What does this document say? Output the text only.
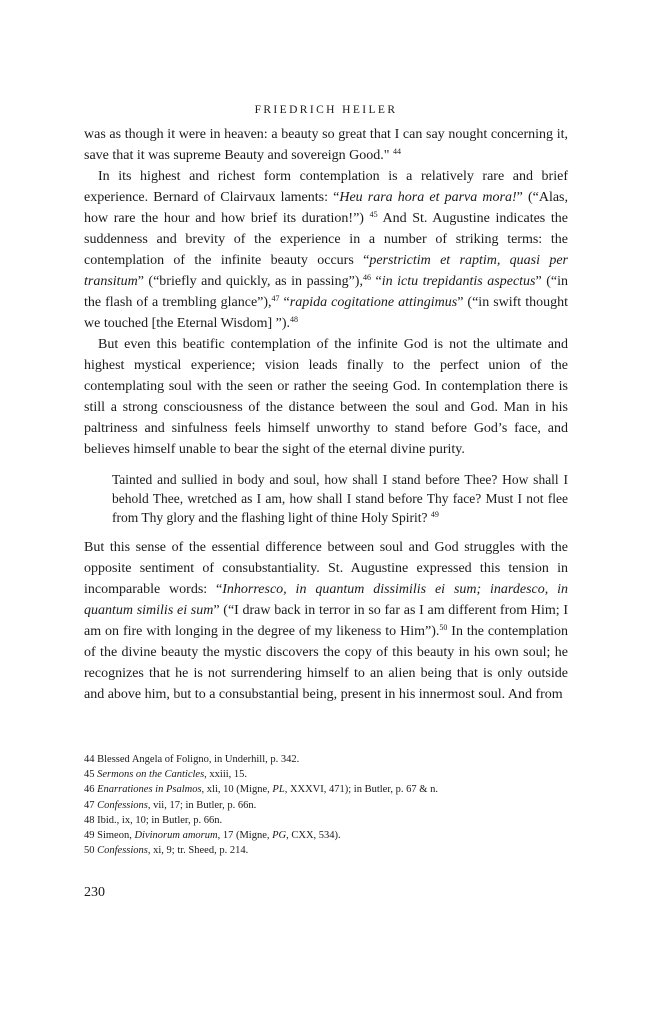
FRIEDRICH HEILER

was as though it were in heaven: a beauty so great that I can say nought concerning it, save that it was supreme Beauty and sovereign Good." $^{44}$

In its highest and richest form contemplation is a relatively rare and brief experience. Bernard of Clairvaux laments: “Heu rara hora et parva mora!” (“Alas, how rare the hour and how brief its duration!”) $^{45}$ And St. Augustine indicates the suddenness and brevity of the experience in a number of striking terms: the contemplation of the infinite beauty occurs “perstrictim et raptim, quasi per transitum” (“briefly and quickly, as in passing”),$^{46}$ “in ictu trepidantis aspectus” (“in the flash of a trembling glance”),$^{47}$ “rapida cogitatione attingimus” (“in swift thought we touched [the Eternal Wisdom] ”).$^{48}$

But even this beatific contemplation of the infinite God is not the ultimate and highest mystical experience; vision leads finally to the perfect union of the contemplating soul with the seen or rather the seeing God. In contemplation there is still a strong consciousness of the distance between the soul and God. Man in his paltriness and sinfulness feels himself unworthy to stand before God’s face, and believes himself unable to bear the sight of the eternal divine purity.

Tainted and sullied in body and soul, how shall I stand before Thee? How shall I behold Thee, wretched as I am, how shall I stand before Thy face? Must I not flee from Thy glory and the flashing light of thine Holy Spirit? $^{49}$

But this sense of the essential difference between soul and God struggles with the opposite sentiment of consubstantiality. St. Augustine expressed this tension in incomparable words: “Inhorresco, in quantum dissimilis ei sum; inardesco, in quantum similis ei sum” (“I draw back in terror in so far as I am different from Him; I am on fire with longing in the degree of my likeness to Him”).$^{50}$ In the contemplation of the divine beauty the mystic discovers the copy of this beauty in his own soul; he recognizes that he is not surrendering himself to an alien being that is only outside and above him, but to a consubstantial being, present in his innermost soul. And from

44 Blessed Angela of Foligno, in Underhill, p. 342.
45 Sermons on the Canticles, xxiii, 15.
46 Enarrationes in Psalmos, xli, 10 (Migne, PL, XXXVI, 471); in Butler, p. 67 & n.
47 Confessions, vii, 17; in Butler, p. 66n.
48 Ibid., ix, 10; in Butler, p. 66n.
49 Simeon, Divinorum amorum, 17 (Migne, PG, CXX, 534).
50 Confessions, xi, 9; tr. Sheed, p. 214.
230
